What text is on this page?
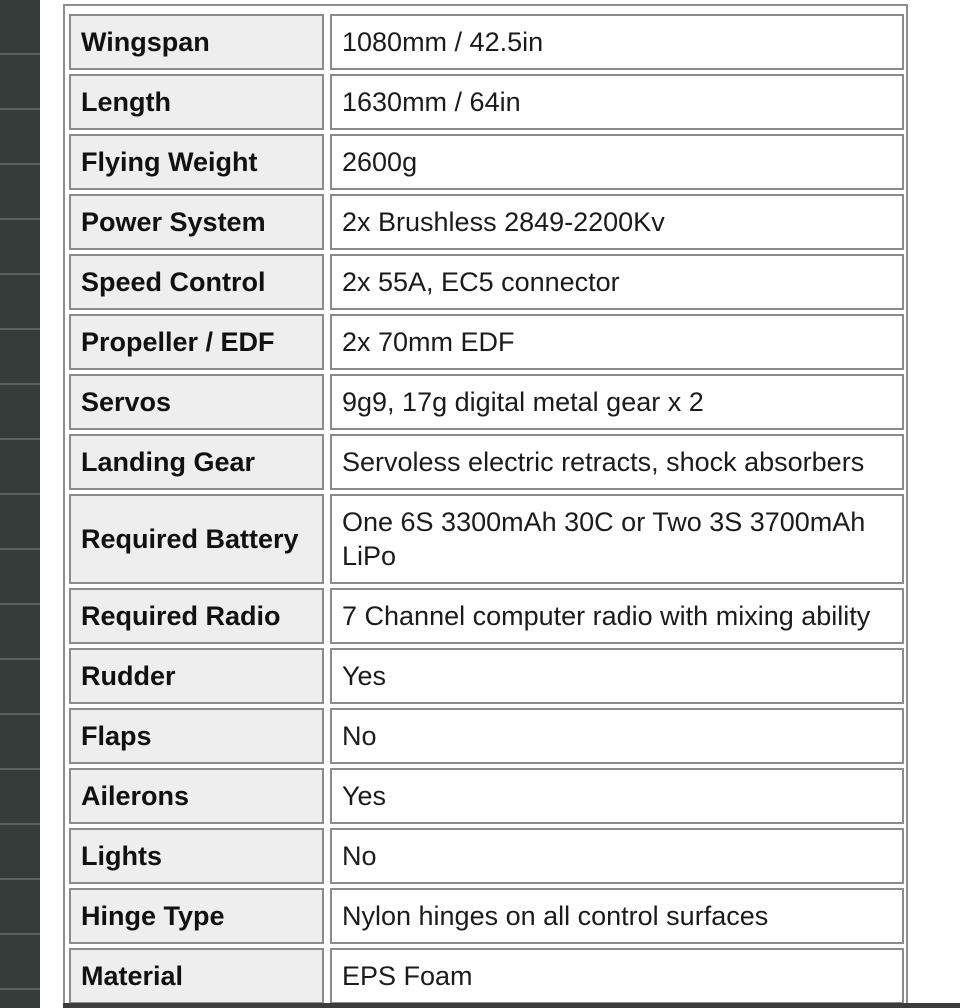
Wingspan		1080mm / 42.5in
Length		1630mm / 64in
Flying Weight		2600g
Power System		2x Brushless 2849-2200Kv
Speed Control		2x 55A, EC5 connector
Propeller / EDF		2x 70mm EDF
Servos		9g9, 17g digital metal gear x 2
Landing Gear		Servoless electric retracts, shock absorbers
Required Battery		One 6S 3300mAh 30C or Two 3S 3700mAh LiPo
Required Radio		7 Channel computer radio with mixing ability
Rudder		Yes
Flaps		No
Ailerons		Yes
Lights		No
Hinge Type		Nylon hinges on all control surfaces
Material		EPS Foam
